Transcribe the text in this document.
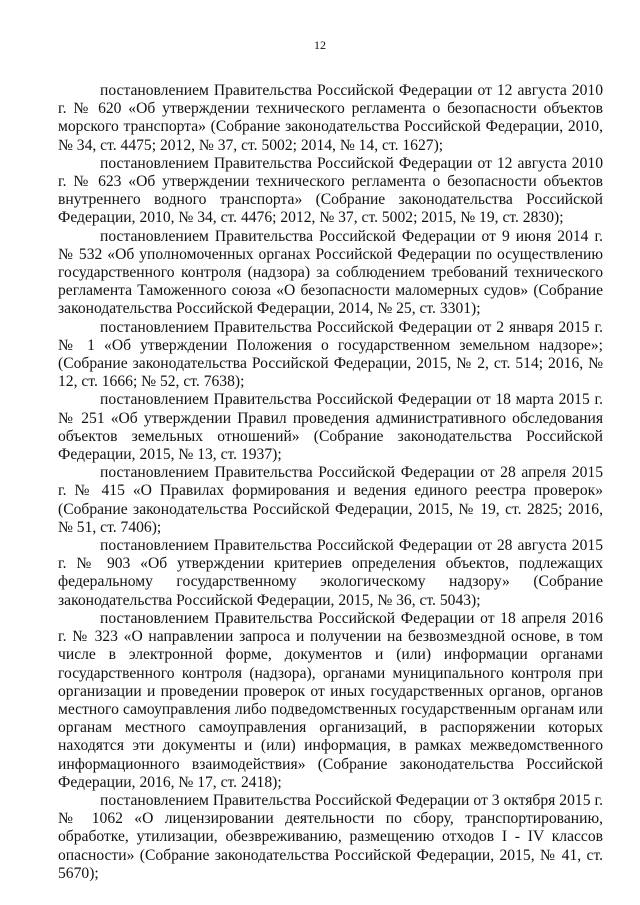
12

постановлением Правительства Российской Федерации от 12 августа 2010 г. № 620 «Об утверждении технического регламента о безопасности объектов морского транспорта» (Собрание законодательства Российской Федерации, 2010, № 34, ст. 4475; 2012, № 37, ст. 5002; 2014, № 14, ст. 1627);

постановлением Правительства Российской Федерации от 12 августа 2010 г. № 623 «Об утверждении технического регламента о безопасности объектов внутреннего водного транспорта» (Собрание законодательства Российской Федерации, 2010, № 34, ст. 4476; 2012, № 37, ст. 5002; 2015, № 19, ст. 2830);

постановлением Правительства Российской Федерации от 9 июня 2014 г. № 532 «Об уполномоченных органах Российской Федерации по осуществлению государственного контроля (надзора) за соблюдением требований технического регламента Таможенного союза «О безопасности маломерных судов» (Собрание законодательства Российской Федерации, 2014, № 25, ст. 3301);

постановлением Правительства Российской Федерации от 2 января 2015 г. № 1 «Об утверждении Положения о государственном земельном надзоре»; (Собрание законодательства Российской Федерации, 2015, № 2, ст. 514; 2016, № 12, ст. 1666; № 52, ст. 7638);

постановлением Правительства Российской Федерации от 18 марта 2015 г. № 251 «Об утверждении Правил проведения административного обследования объектов земельных отношений» (Собрание законодательства Российской Федерации, 2015, № 13, ст. 1937);

постановлением Правительства Российской Федерации от 28 апреля 2015 г. № 415 «О Правилах формирования и ведения единого реестра проверок» (Собрание законодательства Российской Федерации, 2015, № 19, ст. 2825; 2016, № 51, ст. 7406);

постановлением Правительства Российской Федерации от 28 августа 2015 г. № 903 «Об утверждении критериев определения объектов, подлежащих федеральному государственному экологическому надзору» (Собрание законодательства Российской Федерации, 2015, № 36, ст. 5043);

постановлением Правительства Российской Федерации от 18 апреля 2016 г. № 323 «О направлении запроса и получении на безвозмездной основе, в том числе в электронной форме, документов и (или) информации органами государственного контроля (надзора), органами муниципального контроля при организации и проведении проверок от иных государственных органов, органов местного самоуправления либо подведомственных государственным органам или органам местного самоуправления организаций, в распоряжении которых находятся эти документы и (или) информация, в рамках межведомственного информационного взаимодействия» (Собрание законодательства Российской Федерации, 2016, № 17, ст. 2418);

постановлением Правительства Российской Федерации от 3 октября 2015 г. № 1062 «О лицензировании деятельности по сбору, транспортированию, обработке, утилизации, обезвреживанию, размещению отходов I - IV классов опасности» (Собрание законодательства Российской Федерации, 2015, № 41, ст. 5670);
